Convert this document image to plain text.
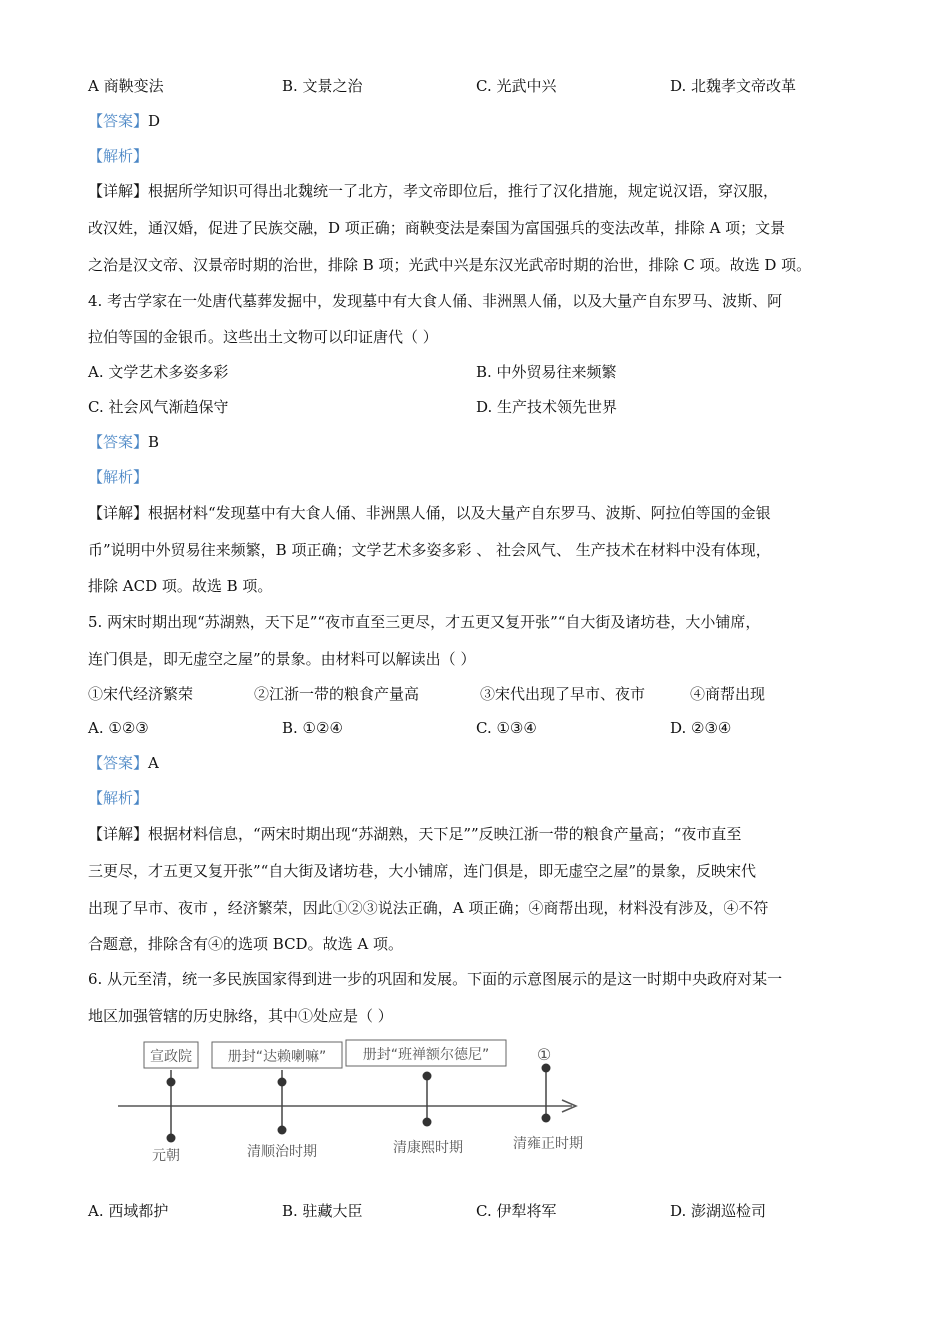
A 商鞅变法	B. 文景之治	C. 光武中兴	D. 北魏孝文帝改革
【答案】D
【解析】
【详解】根据所学知识可得出北魏统一了北方，孝文帝即位后，推行了汉化措施，规定说汉语，穿汉服，
改汉姓，通汉婚，促进了民族交融，D 项正确；商鞅变法是秦国为富国强兵的变法改革，排除 A 项；文景
之治是汉文帝、汉景帝时期的治世，排除 B 项；光武中兴是东汉光武帝时期的治世，排除 C 项。故选 D 项。
4. 考古学家在一处唐代墓葬发掘中，发现墓中有大食人俑、非洲黑人俑，以及大量产自东罗马、波斯、阿
拉伯等国的金银币。这些出土文物可以印证唐代（ ）
A. 文学艺术多姿多彩	B. 中外贸易往来频繁
C. 社会风气渐趋保守	D. 生产技术领先世界
【答案】B
【解析】
【详解】根据材料“发现墓中有大食人俑、非洲黑人俑，以及大量产自东罗马、波斯、阿拉伯等国的金银
币”说明中外贸易往来频繁，B 项正确；文学艺术多姿多彩 、 社会风气、 生产技术在材料中没有体现，
排除 ACD 项。故选 B 项。
5. 两宋时期出现“苏湖熟，天下足”“夜市直至三更尽，才五更又复开张”“自大街及诸坊巷，大小铺席，
连门俱是，即无虚空之屋”的景象。由材料可以解读出（ ）
①宋代经济繁荣	②江浙一带的粮食产量高	③宋代出现了早市、夜市	④商帮出现
A. ①②③	B. ①②④	C. ①③④	D. ②③④
【答案】A
【解析】
【详解】根据材料信息，“两宋时期出现“苏湖熟，天下足””反映江浙一带的粮食产量高；“夜市直至
三更尽，才五更又复开张”“自大街及诸坊巷，大小铺席，连门俱是，即无虚空之屋”的景象，反映宋代
出现了早市、夜市 ，经济繁荣，因此①②③说法正确，A 项正确；④商帮出现，材料没有涉及，④不符
合题意，排除含有④的选项 BCD。故选 A 项。
6. 从元至清，统一多民族国家得到进一步的巩固和发展。下面的示意图展示的是这一时期中央政府对某一
地区加强管辖的历史脉络，其中①处应是（ ）
宣政院	册封“达赖喇嘛”	册封“班禅额尔德尼”	①
元朝	清顺治时期	清康熙时期	清雍正时期
A. 西域都护	B. 驻藏大臣	C. 伊犁将军	D. 澎湖巡检司
